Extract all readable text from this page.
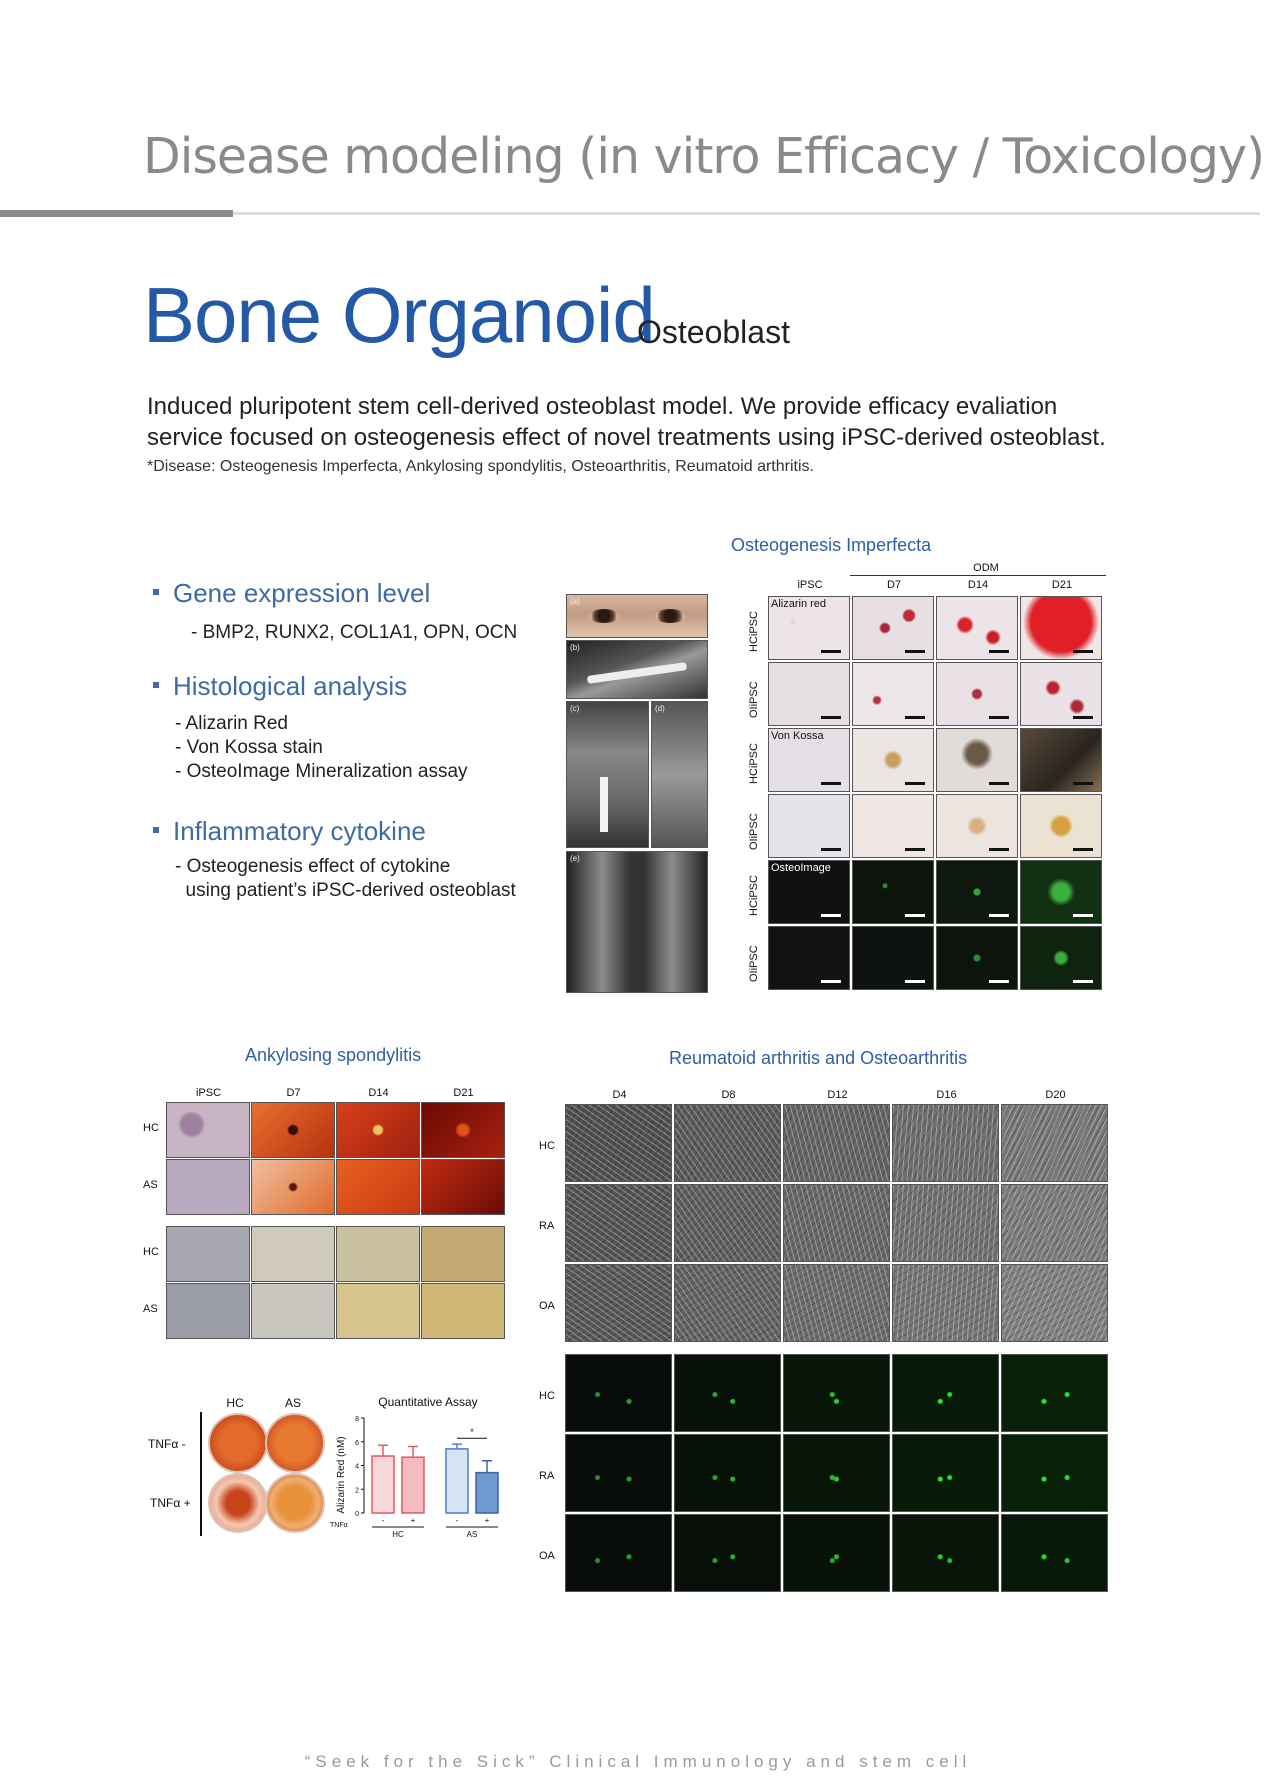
Disease modeling (in vitro Efficacy / Toxicology)
Bone Organoid
Osteoblast
Induced pluripotent stem cell-derived osteoblast model. We provide efficacy evaliation
service focused on osteogenesis effect of novel treatments using iPSC-derived osteoblast.
*Disease: Osteogenesis Imperfecta, Ankylosing spondylitis, Osteoarthritis, Reumatoid arthritis.
Gene expression level
- BMP2, RUNX2, COL1A1, OPN, OCN
Histological analysis
- Alizarin Red
- Von Kossa stain
- OsteoImage Mineralization assay
Inflammatory cytokine
- Osteogenesis effect of cytokine
using patient’s iPSC-derived osteoblast
Osteogenesis Imperfecta
(a)
(b)
(c)	(d)
(e)
ODM
iPSC	D7	D14	D21
HCiPSC
OIiPSC
HCiPSC
OIiPSC
HCiPSC
OIiPSC
Alizarin red
Von Kossa
OsteoImage
Ankylosing spondylitis
iPSC	D7	D14	D21
HC
AS
HC
AS
HC	AS
TNFα -
TNFα +
Quantitative Assay
Alizarin Red (nM)
0
2
4
6
8
-	+	-	+
*
TNFα
HC	AS
Reumatoid arthritis and Osteoarthritis
D4	D8	D12	D16	D20
HC
RA
OA
HC
RA
OA
“Seek for the Sick” Clinical Immunology and stem cell
